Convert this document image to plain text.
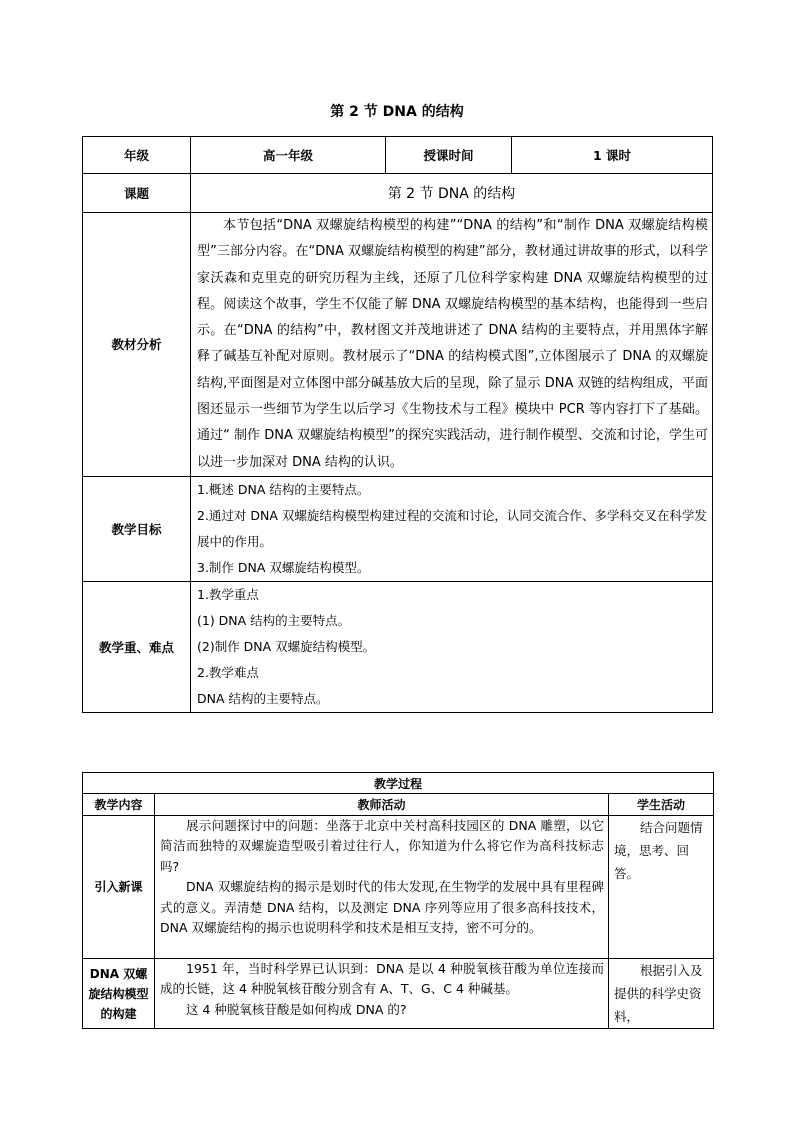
第 2 节 DNA 的结构
年级	高一年级	授课时间	1 课时
课题	第 2 节 DNA 的结构		
教材分析	本节包括“DNA 双螺旋结构模型的构建”“DNA 的结构”和“制作 DNA 双螺旋结构模型”三部分内容。在“DNA 双螺旋结构模型的构建”部分，教材通过讲故事的形式，以科学家沃森和克里克的研究历程为主线，还原了几位科学家构建 DNA 双螺旋结构模型的过程。阅读这个故事，学生不仅能了解 DNA 双螺旋结构模型的基本结构，也能得到一些启示。在“DNA 的结构”中，教材图文并茂地讲述了 DNA 结构的主要特点，并用黑体字解释了碱基互补配对原则。教材展示了“DNA 的结构模式图”,立体图展示了 DNA 的双螺旋结构,平面图是对立体图中部分碱基放大后的呈现，除了显示 DNA 双链的结构组成，平面图还显示一些细节为学生以后学习《生物技术与工程》模块中 PCR 等内容打下了基础。通过“ 制作 DNA 双螺旋结构模型”的探究实践活动，进行制作模型、交流和讨论，学生可以进一步加深对 DNA 结构的认识。		

教学目标	1.概述 DNA 结构的主要特点。

2.通过对 DNA 双螺旋结构模型构建过程的交流和讨论，认同交流合作、多学科交叉在科学发展中的作用。

3.制作 DNA 双螺旋结构模型。		

教学重、难点	1.教学重点

(1) DNA 结构的主要特点。

(2)制作 DNA 双螺旋结构模型。

2.教学难点

DNA 结构的主要特点。		

教学过程		
教学内容	教师活动	学生活动
引入新课	展示问题探讨中的问题：坐落于北京中关村高科技园区的 DNA 雕塑，以它简洁而独特的双螺旋造型吸引着过往行人，你知道为什么将它作为高科技标志吗?

DNA 双螺旋结构的揭示是划时代的伟大发现,在生物学的发展中具有里程碑式的意义。弄清楚 DNA 结构，以及测定 DNA 序列等应用了很多高科技技术，DNA 双螺旋结构的揭示也说明科学和技术是相互支持，密不可分的。	结合问题情境，思考、回答。

DNA 双螺旋结构模型的构建	1951 年，当时科学界已认识到：DNA 是以 4 种脱氧核苷酸为单位连接而成的长链，这 4 种脱氧核苷酸分别含有 A、T、G、C 4 种碱基。

这 4 种脱氧核苷酸是如何构成 DNA 的?	根据引入及提供的科学史资料，
